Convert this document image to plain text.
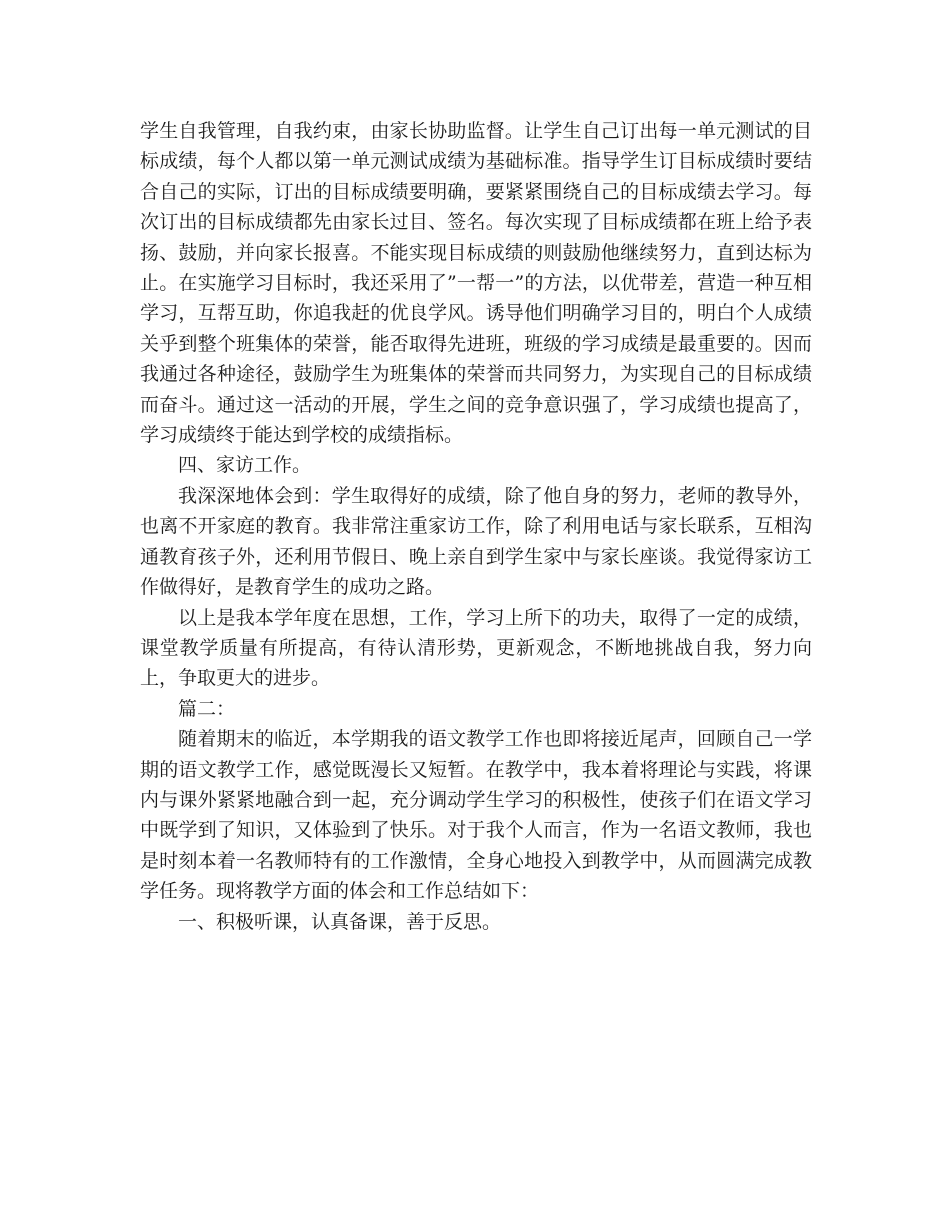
学生自我管理，自我约束，由家长协助监督。让学生自己订出每一单元测试的目标成绩，每个人都以第一单元测试成绩为基础标准。指导学生订目标成绩时要结合自己的实际，订出的目标成绩要明确，要紧紧围绕自己的目标成绩去学习。每次订出的目标成绩都先由家长过目、签名。每次实现了目标成绩都在班上给予表扬、鼓励，并向家长报喜。不能实现目标成绩的则鼓励他继续努力，直到达标为止。在实施学习目标时，我还采用了”一帮一”的方法，以优带差，营造一种互相学习，互帮互助，你追我赶的优良学风。诱导他们明确学习目的，明白个人成绩关乎到整个班集体的荣誉，能否取得先进班，班级的学习成绩是最重要的。因而我通过各种途径，鼓励学生为班集体的荣誉而共同努力，为实现自己的目标成绩而奋斗。通过这一活动的开展，学生之间的竞争意识强了，学习成绩也提高了，学习成绩终于能达到学校的成绩指标。

四、家访工作。

我深深地体会到：学生取得好的成绩，除了他自身的努力，老师的教导外，也离不开家庭的教育。我非常注重家访工作，除了利用电话与家长联系，互相沟通教育孩子外，还利用节假日、晚上亲自到学生家中与家长座谈。我觉得家访工作做得好，是教育学生的成功之路。

以上是我本学年度在思想，工作，学习上所下的功夫，取得了一定的成绩，课堂教学质量有所提高，有待认清形势，更新观念，不断地挑战自我，努力向上，争取更大的进步。

篇二：

随着期末的临近，本学期我的语文教学工作也即将接近尾声，回顾自己一学期的语文教学工作，感觉既漫长又短暂。在教学中，我本着将理论与实践，将课内与课外紧紧地融合到一起，充分调动学生学习的积极性，使孩子们在语文学习中既学到了知识，又体验到了快乐。对于我个人而言，作为一名语文教师，我也是时刻本着一名教师特有的工作激情，全身心地投入到教学中，从而圆满完成教学任务。现将教学方面的体会和工作总结如下：

一、积极听课，认真备课，善于反思。
